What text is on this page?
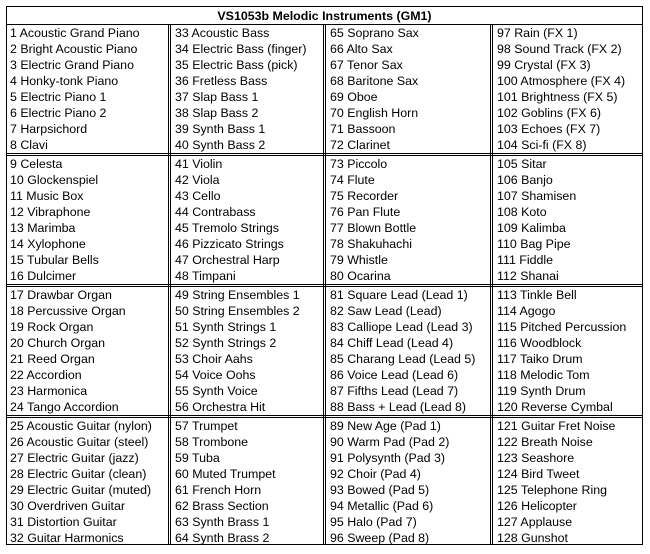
VS1053b Melodic Instruments (GM1)
1 Acoustic Grand Piano
2 Bright Acoustic Piano
3 Electric Grand Piano
4 Honky-tonk Piano
5 Electric Piano 1
6 Electric Piano 2
7 Harpsichord
8 Clavi
9 Celesta
10 Glockenspiel
11 Music Box
12 Vibraphone
13 Marimba
14 Xylophone
15 Tubular Bells
16 Dulcimer
17 Drawbar Organ
18 Percussive Organ
19 Rock Organ
20 Church Organ
21 Reed Organ
22 Accordion
23 Harmonica
24 Tango Accordion
25 Acoustic Guitar (nylon)
26 Acoustic Guitar (steel)
27 Electric Guitar (jazz)
28 Electric Guitar (clean)
29 Electric Guitar (muted)
30 Overdriven Guitar
31 Distortion Guitar
32 Guitar Harmonics
33 Acoustic Bass
34 Electric Bass (finger)
35 Electric Bass (pick)
36 Fretless Bass
37 Slap Bass 1
38 Slap Bass 2
39 Synth Bass 1
40 Synth Bass 2
41 Violin
42 Viola
43 Cello
44 Contrabass
45 Tremolo Strings
46 Pizzicato Strings
47 Orchestral Harp
48 Timpani
49 String Ensembles 1
50 String Ensembles 2
51 Synth Strings 1
52 Synth Strings 2
53 Choir Aahs
54 Voice Oohs
55 Synth Voice
56 Orchestra Hit
57 Trumpet
58 Trombone
59 Tuba
60 Muted Trumpet
61 French Horn
62 Brass Section
63 Synth Brass 1
64 Synth Brass 2
65 Soprano Sax
66 Alto Sax
67 Tenor Sax
68 Baritone Sax
69 Oboe
70 English Horn
71 Bassoon
72 Clarinet
73 Piccolo
74 Flute
75 Recorder
76 Pan Flute
77 Blown Bottle
78 Shakuhachi
79 Whistle
80 Ocarina
81 Square Lead (Lead 1)
82 Saw Lead (Lead)
83 Calliope Lead (Lead 3)
84 Chiff Lead (Lead 4)
85 Charang Lead (Lead 5)
86 Voice Lead (Lead 6)
87 Fifths Lead (Lead 7)
88 Bass + Lead (Lead 8)
89 New Age (Pad 1)
90 Warm Pad (Pad 2)
91 Polysynth (Pad 3)
92 Choir (Pad 4)
93 Bowed (Pad 5)
94 Metallic (Pad 6)
95 Halo (Pad 7)
96 Sweep (Pad 8)
97 Rain (FX 1)
98 Sound Track (FX 2)
99 Crystal (FX 3)
100 Atmosphere (FX 4)
101 Brightness (FX 5)
102 Goblins (FX 6)
103 Echoes (FX 7)
104 Sci-fi (FX 8)
105 Sitar
106 Banjo
107 Shamisen
108 Koto
109 Kalimba
110 Bag Pipe
111 Fiddle
112 Shanai
113 Tinkle Bell
114 Agogo
115 Pitched Percussion
116 Woodblock
117 Taiko Drum
118 Melodic Tom
119 Synth Drum
120 Reverse Cymbal
121 Guitar Fret Noise
122 Breath Noise
123 Seashore
124 Bird Tweet
125 Telephone Ring
126 Helicopter
127 Applause
128 Gunshot
